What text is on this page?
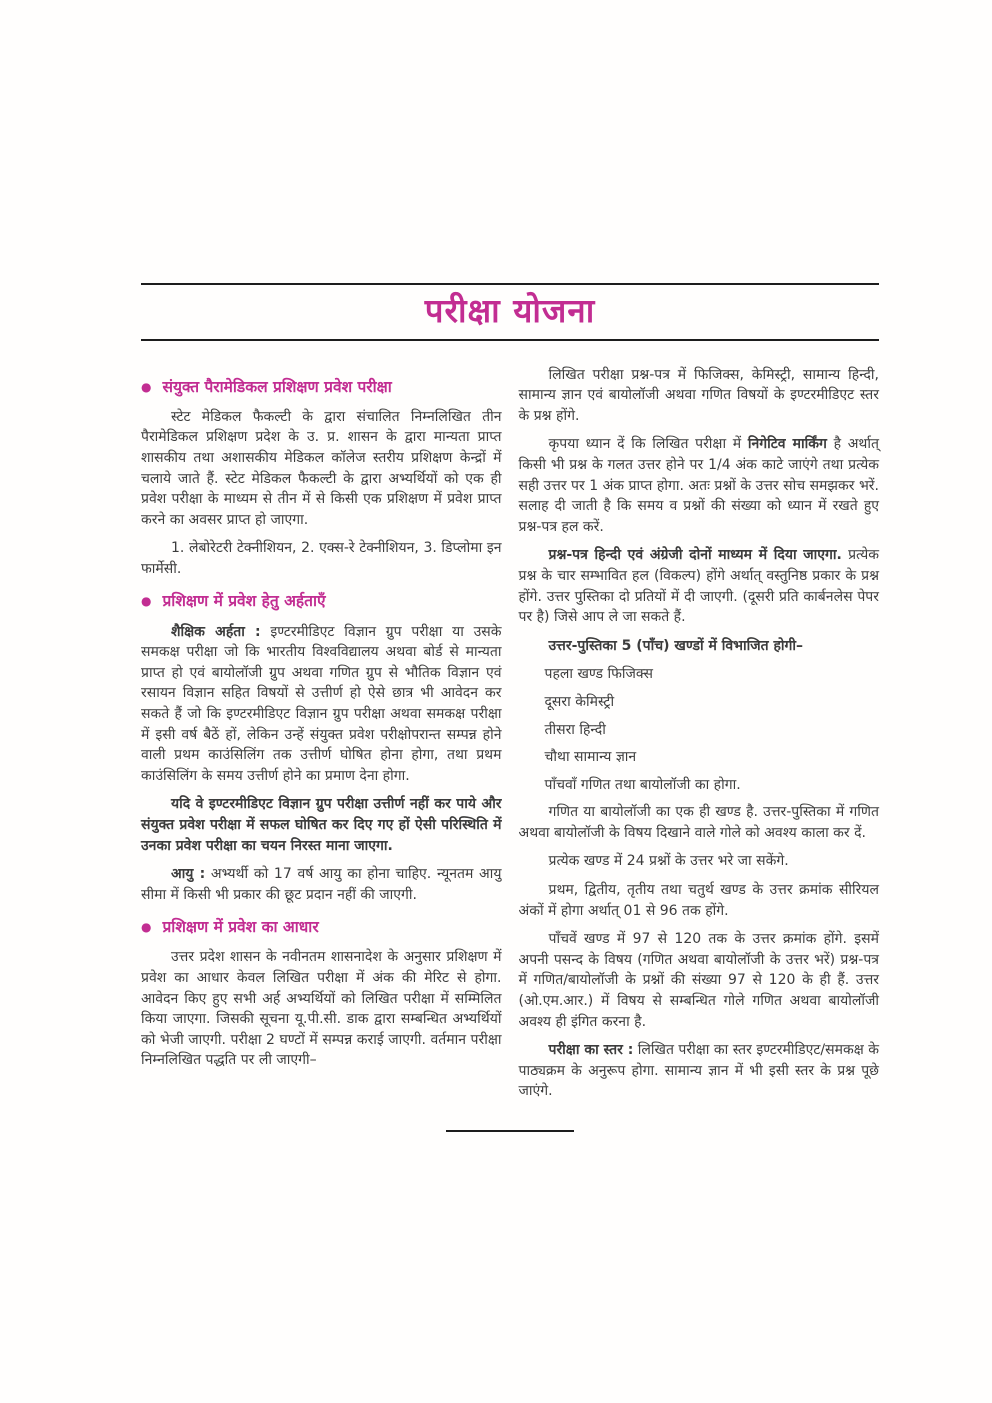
परीक्षा योजना
● संयुक्त पैरामेडिकल प्रशिक्षण प्रवेश परीक्षा

स्टेट मेडिकल फैकल्टी के द्वारा संचालित निम्नलिखित तीन पैरामेडिकल प्रशिक्षण प्रदेश के उ. प्र. शासन के द्वारा मान्यता प्राप्त शासकीय तथा अशासकीय मेडिकल कॉलेज स्तरीय प्रशिक्षण केन्द्रों में चलाये जाते हैं. स्टेट मेडिकल फैकल्टी के द्वारा अभ्यर्थियों को एक ही प्रवेश परीक्षा के माध्यम से तीन में से किसी एक प्रशिक्षण में प्रवेश प्राप्त करने का अवसर प्राप्त हो जाएगा.

1. लेबोरेटरी टेक्नीशियन, 2. एक्स-रे टेक्नीशियन, 3. डिप्लोमा इन फार्मेसी.

● प्रशिक्षण में प्रवेश हेतु अर्हताएँ

शैक्षिक अर्हता : इण्टरमीडिएट विज्ञान ग्रुप परीक्षा या उसके समकक्ष परीक्षा जो कि भारतीय विश्वविद्यालय अथवा बोर्ड से मान्यता प्राप्त हो एवं बायोलॉजी ग्रुप अथवा गणित ग्रुप से भौतिक विज्ञान एवं रसायन विज्ञान सहित विषयों से उत्तीर्ण हो ऐसे छात्र भी आवेदन कर सकते हैं जो कि इण्टरमीडिएट विज्ञान ग्रुप परीक्षा अथवा समकक्ष परीक्षा में इसी वर्ष बैठें हों, लेकिन उन्हें संयुक्त प्रवेश परीक्षोपरान्त सम्पन्न होने वाली प्रथम काउंसिलिंग तक उत्तीर्ण घोषित होना होगा, तथा प्रथम काउंसिलिंग के समय उत्तीर्ण होने का प्रमाण देना होगा.

यदि वे इण्टरमीडिएट विज्ञान ग्रुप परीक्षा उत्तीर्ण नहीं कर पाये और संयुक्त प्रवेश परीक्षा में सफल घोषित कर दिए गए हों ऐसी परिस्थिति में उनका प्रवेश परीक्षा का चयन निरस्त माना जाएगा.

आयु : अभ्यर्थी को 17 वर्ष आयु का होना चाहिए. न्यूनतम आयु सीमा में किसी भी प्रकार की छूट प्रदान नहीं की जाएगी.

● प्रशिक्षण में प्रवेश का आधार

उत्तर प्रदेश शासन के नवीनतम शासनादेश के अनुसार प्रशिक्षण में प्रवेश का आधार केवल लिखित परीक्षा में अंक की मेरिट से होगा. आवेदन किए हुए सभी अर्ह अभ्यर्थियों को लिखित परीक्षा में सम्मिलित किया जाएगा. जिसकी सूचना यू.पी.सी. डाक द्वारा सम्बन्धित अभ्यर्थियों को भेजी जाएगी. परीक्षा 2 घण्टों में सम्पन्न कराई जाएगी. वर्तमान परीक्षा निम्नलिखित पद्धति पर ली जाएगी–

लिखित परीक्षा प्रश्न-पत्र में फिजिक्स, केमिस्ट्री, सामान्य हिन्दी, सामान्य ज्ञान एवं बायोलॉजी अथवा गणित विषयों के इण्टरमीडिएट स्तर के प्रश्न होंगे.

कृपया ध्यान दें कि लिखित परीक्षा में निगेटिव मार्किंग है अर्थात् किसी भी प्रश्न के गलत उत्तर होने पर 1/4 अंक काटे जाएंगे तथा प्रत्येक सही उत्तर पर 1 अंक प्राप्त होगा. अतः प्रश्नों के उत्तर सोच समझकर भरें. सलाह दी जाती है कि समय व प्रश्नों की संख्या को ध्यान में रखते हुए प्रश्न-पत्र हल करें.

प्रश्न-पत्र हिन्दी एवं अंग्रेजी दोनों माध्यम में दिया जाएगा. प्रत्येक प्रश्न के चार सम्भावित हल (विकल्प) होंगे अर्थात् वस्तुनिष्ठ प्रकार के प्रश्न होंगे. उत्तर पुस्तिका दो प्रतियों में दी जाएगी. (दूसरी प्रति कार्बनलेस पेपर पर है) जिसे आप ले जा सकते हैं.

उत्तर-पुस्तिका 5 (पाँच) खण्डों में विभाजित होगी–

पहला खण्ड फिजिक्स

दूसरा केमिस्ट्री

तीसरा हिन्दी

चौथा सामान्य ज्ञान

पाँचवाँ गणित तथा बायोलॉजी का होगा.

गणित या बायोलॉजी का एक ही खण्ड है. उत्तर-पुस्तिका में गणित अथवा बायोलॉजी के विषय दिखाने वाले गोले को अवश्य काला कर दें.

प्रत्येक खण्ड में 24 प्रश्नों के उत्तर भरे जा सकेंगे.

प्रथम, द्वितीय, तृतीय तथा चतुर्थ खण्ड के उत्तर क्रमांक सीरियल अंकों में होगा अर्थात् 01 से 96 तक होंगे.

पाँचवें खण्ड में 97 से 120 तक के उत्तर क्रमांक होंगे. इसमें अपनी पसन्द के विषय (गणित अथवा बायोलॉजी के उत्तर भरें) प्रश्न-पत्र में गणित/बायोलॉजी के प्रश्नों की संख्या 97 से 120 के ही हैं. उत्तर (ओ.एम.आर.) में विषय से सम्बन्धित गोले गणित अथवा बायोलॉजी अवश्य ही इंगित करना है.

परीक्षा का स्तर : लिखित परीक्षा का स्तर इण्टरमीडिएट/समकक्ष के पाठ्यक्रम के अनुरूप होगा. सामान्य ज्ञान में भी इसी स्तर के प्रश्न पूछे जाएंगे.
